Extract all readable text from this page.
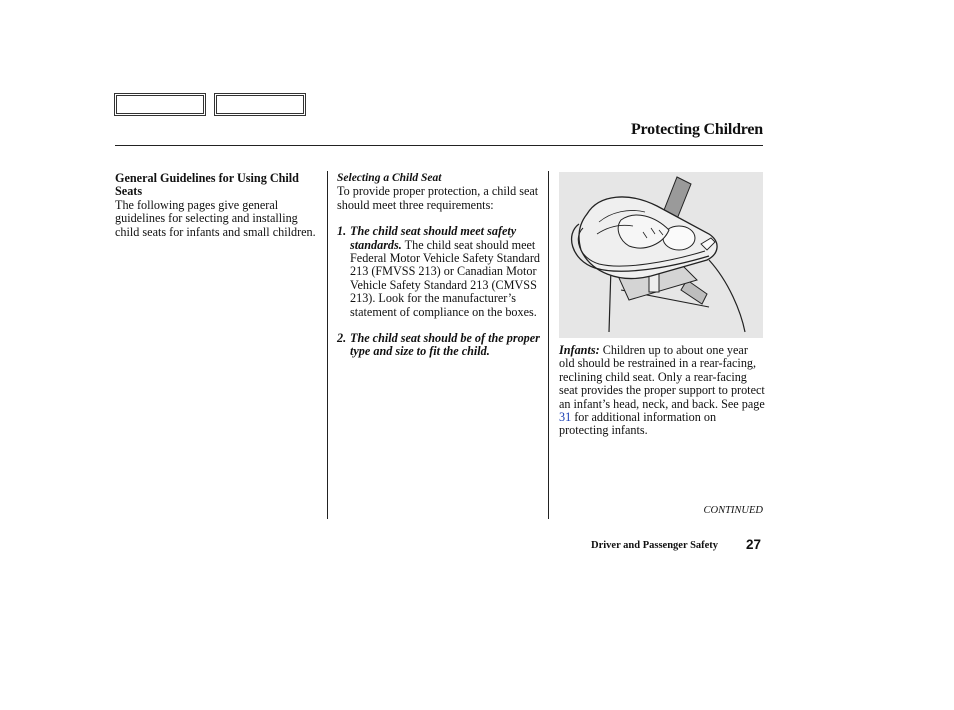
Protecting Children
General Guidelines for Using Child Seats
The following pages give general guidelines for selecting and installing child seats for infants and small children.
Selecting a Child Seat
To provide proper protection, a child seat should meet three requirements:
1. The child seat should meet safety standards. The child seat should meet Federal Motor Vehicle Safety Standard 213 (FMVSS 213) or Canadian Motor Vehicle Safety Standard 213 (CMVSS 213). Look for the manufacturer’s statement of compliance on the boxes.
2. The child seat should be of the proper type and size to fit the child.	Infants: Children up to about one year old should be restrained in a rear-facing, reclining child seat. Only a rear-facing seat provides the proper support to protect an infant’s head, neck, and back. See page 31 for additional information on protecting infants.
CONTINUED
Driver and Passenger Safety 27
